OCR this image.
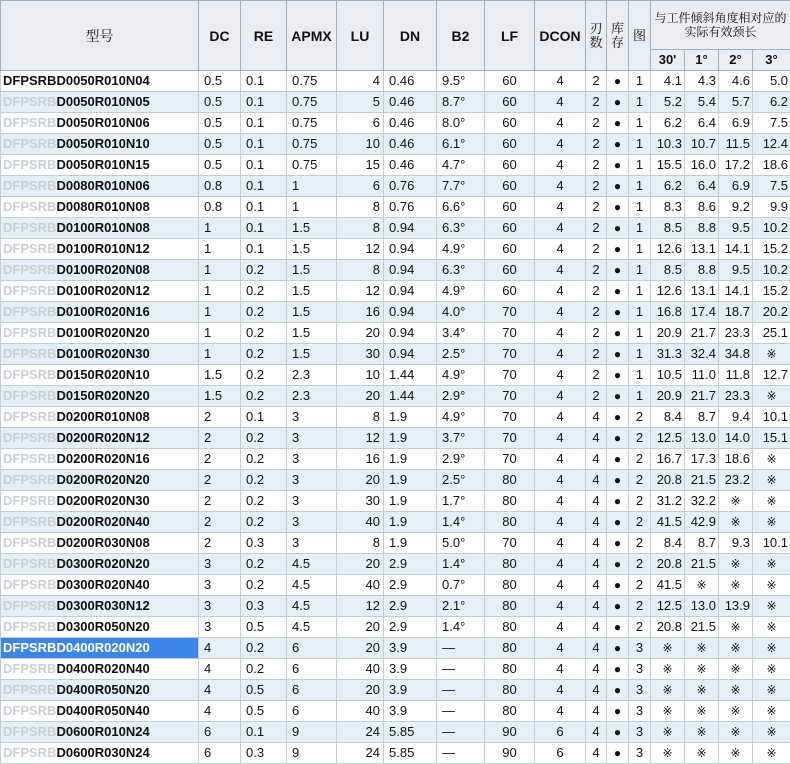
型号	DC	RE	APMX	LU	DN	B2	LF	DCON	刃数	库存	图	与工件倾斜角度相对应的实际有效颈长			
												30'	1°	2°	3°
DFPSRBD0050R010N04	0.5	0.1	0.75	4	0.46	9.5°	60	4	2	●	1	4.1	4.3	4.6	5.0
DFPSRBD0050R010N05	0.5	0.1	0.75	5	0.46	8.7°	60	4	2	●	1	5.2	5.4	5.7	6.2
DFPSRBD0050R010N06	0.5	0.1	0.75	6	0.46	8.0°	60	4	2	●	1	6.2	6.4	6.9	7.5
DFPSRBD0050R010N10	0.5	0.1	0.75	10	0.46	6.1°	60	4	2	●	1	10.3	10.7	11.5	12.4
DFPSRBD0050R010N15	0.5	0.1	0.75	15	0.46	4.7°	60	4	2	●	1	15.5	16.0	17.2	18.6
DFPSRBD0080R010N06	0.8	0.1	1	6	0.76	7.7°	60	4	2	●	1	6.2	6.4	6.9	7.5
DFPSRBD0080R010N08	0.8	0.1	1	8	0.76	6.6°	60	4	2	●	1	8.3	8.6	9.2	9.9
DFPSRBD0100R010N08	1	0.1	1.5	8	0.94	6.3°	60	4	2	●	1	8.5	8.8	9.5	10.2
DFPSRBD0100R010N12	1	0.1	1.5	12	0.94	4.9°	60	4	2	●	1	12.6	13.1	14.1	15.2
DFPSRBD0100R020N08	1	0.2	1.5	8	0.94	6.3°	60	4	2	●	1	8.5	8.8	9.5	10.2
DFPSRBD0100R020N12	1	0.2	1.5	12	0.94	4.9°	60	4	2	●	1	12.6	13.1	14.1	15.2
DFPSRBD0100R020N16	1	0.2	1.5	16	0.94	4.0°	70	4	2	●	1	16.8	17.4	18.7	20.2
DFPSRBD0100R020N20	1	0.2	1.5	20	0.94	3.4°	70	4	2	●	1	20.9	21.7	23.3	25.1
DFPSRBD0100R020N30	1	0.2	1.5	30	0.94	2.5°	70	4	2	●	1	31.3	32.4	34.8	※
DFPSRBD0150R020N10	1.5	0.2	2.3	10	1.44	4.9°	70	4	2	●	1	10.5	11.0	11.8	12.7
DFPSRBD0150R020N20	1.5	0.2	2.3	20	1.44	2.9°	70	4	2	●	1	20.9	21.7	23.3	※
DFPSRBD0200R010N08	2	0.1	3	8	1.9	4.9°	70	4	4	●	2	8.4	8.7	9.4	10.1
DFPSRBD0200R020N12	2	0.2	3	12	1.9	3.7°	70	4	4	●	2	12.5	13.0	14.0	15.1
DFPSRBD0200R020N16	2	0.2	3	16	1.9	2.9°	70	4	4	●	2	16.7	17.3	18.6	※
DFPSRBD0200R020N20	2	0.2	3	20	1.9	2.5°	80	4	4	●	2	20.8	21.5	23.2	※
DFPSRBD0200R020N30	2	0.2	3	30	1.9	1.7°	80	4	4	●	2	31.2	32.2	※	※
DFPSRBD0200R020N40	2	0.2	3	40	1.9	1.4°	80	4	4	●	2	41.5	42.9	※	※
DFPSRBD0200R030N08	2	0.3	3	8	1.9	5.0°	70	4	4	●	2	8.4	8.7	9.3	10.1
DFPSRBD0300R020N20	3	0.2	4.5	20	2.9	1.4°	80	4	4	●	2	20.8	21.5	※	※
DFPSRBD0300R020N40	3	0.2	4.5	40	2.9	0.7°	80	4	4	●	2	41.5	※	※	※
DFPSRBD0300R030N12	3	0.3	4.5	12	2.9	2.1°	80	4	4	●	2	12.5	13.0	13.9	※
DFPSRBD0300R050N20	3	0.5	4.5	20	2.9	1.4°	80	4	4	●	2	20.8	21.5	※	※
DFPSRBD0400R020N20	4	0.2	6	20	3.9	—	80	4	4	●	3	※	※	※	※
DFPSRBD0400R020N40	4	0.2	6	40	3.9	—	80	4	4	●	3	※	※	※	※
DFPSRBD0400R050N20	4	0.5	6	20	3.9	—	80	4	4	●	3	※	※	※	※
DFPSRBD0400R050N40	4	0.5	6	40	3.9	—	80	4	4	●	3	※	※	※	※
DFPSRBD0600R010N24	6	0.1	9	24	5.85	—	90	6	4	●	3	※	※	※	※
DFPSRBD0600R030N24	6	0.3	9	24	5.85	—	90	6	4	●	3	※	※	※	※
